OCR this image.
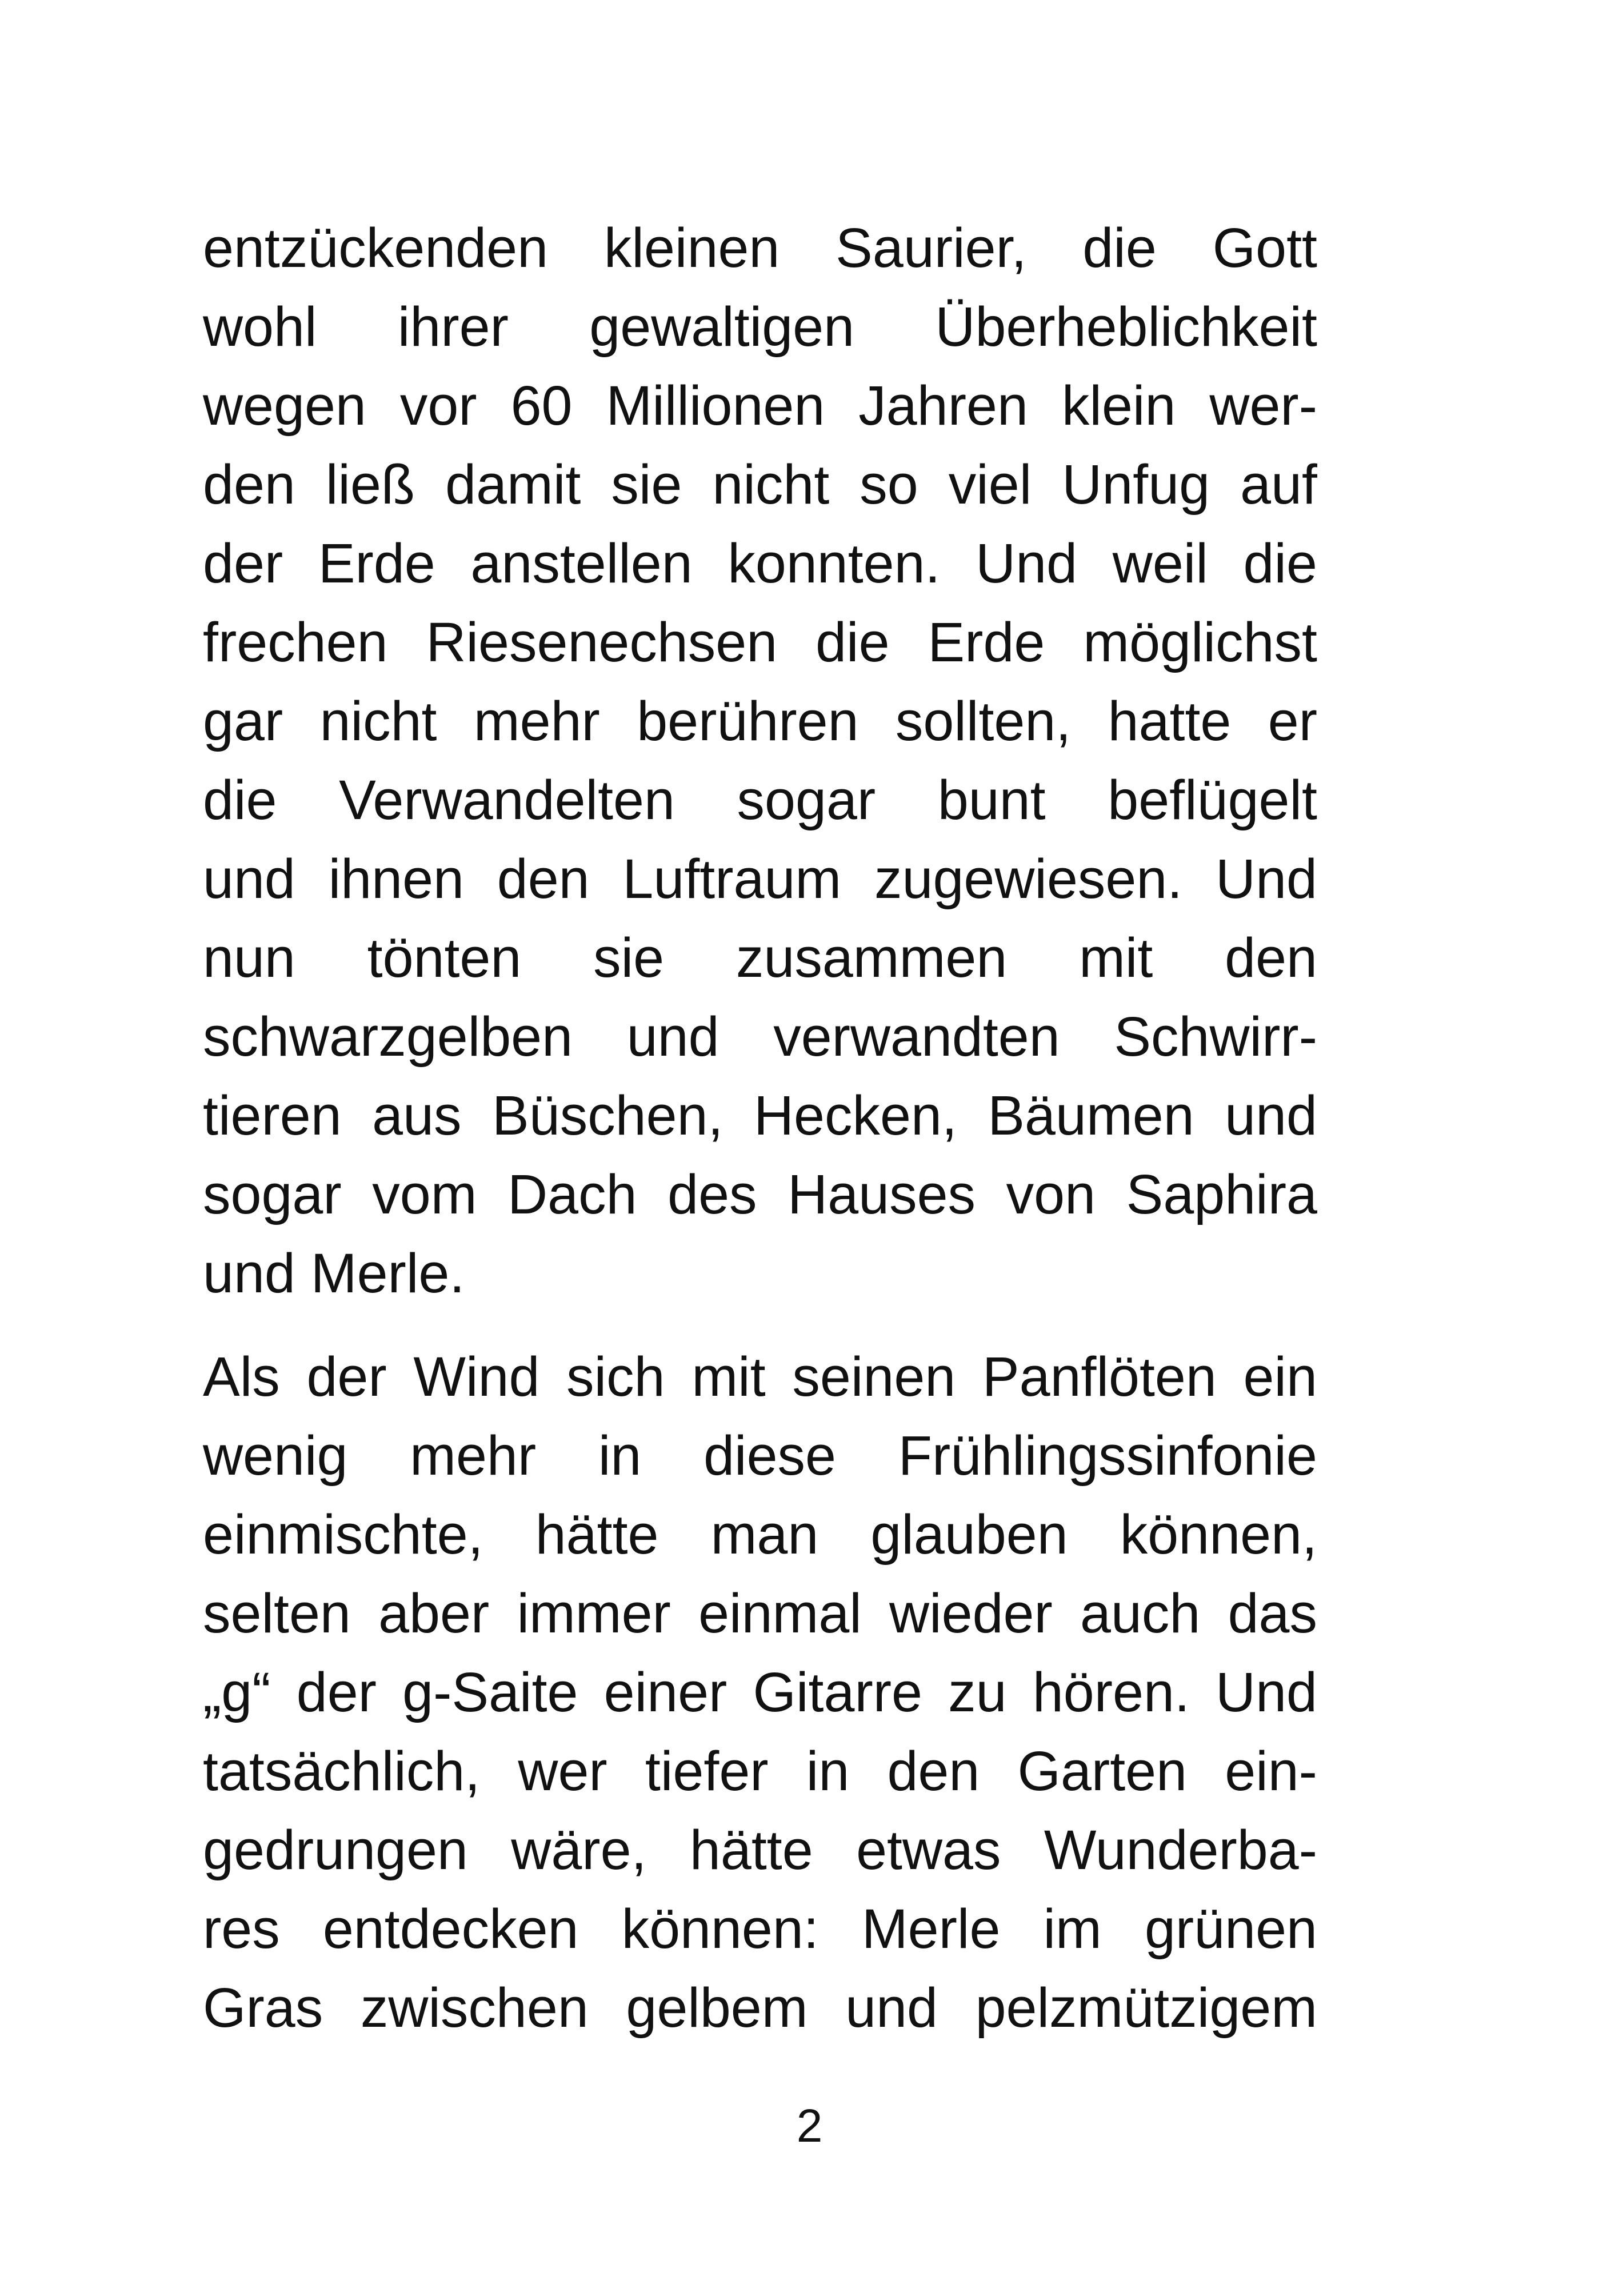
entzückenden kleinen Saurier, die Gott
wohl ihrer gewaltigen Überheblichkeit
wegen vor 60 Millionen Jahren klein wer-
den ließ damit sie nicht so viel Unfug auf
der Erde anstellen konnten. Und weil die
frechen Riesenechsen die Erde möglichst
gar nicht mehr berühren sollten, hatte er
die Verwandelten sogar bunt beflügelt
und ihnen den Luftraum zugewiesen. Und
nun tönten sie zusammen mit den
schwarzgelben und verwandten Schwirr-
tieren aus Büschen, Hecken, Bäumen und
sogar vom Dach des Hauses von Saphira
und Merle.
Als der Wind sich mit seinen Panflöten ein
wenig mehr in diese Frühlingssinfonie
einmischte, hätte man glauben können,
selten aber immer einmal wieder auch das
„g“ der g-Saite einer Gitarre zu hören. Und
tatsächlich, wer tiefer in den Garten ein-
gedrungen wäre, hätte etwas Wunderba-
res entdecken können: Merle im grünen
Gras zwischen gelbem und pelzmützigem
2
